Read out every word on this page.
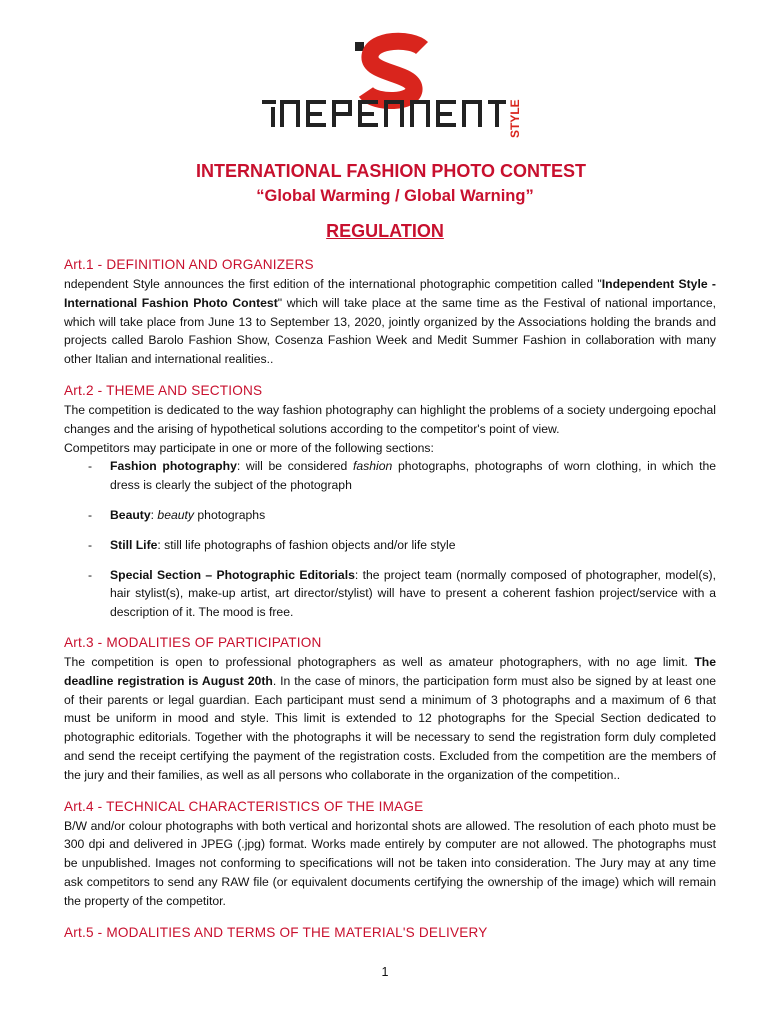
STYLE
INTERNATIONAL FASHION PHOTO CONTEST
“Global Warming / Global Warning”
REGULATION
Art.1 - DEFINITION AND ORGANIZERS

ndependent Style announces the first edition of the international photographic competition called "Independent Style - International Fashion Photo Contest" which will take place at the same time as the Festival of national importance, which will take place from June 13 to September 13, 2020, jointly organized by the Associations holding the brands and projects called Barolo Fashion Show, Cosenza Fashion Week and Medit Summer Fashion in collaboration with many other Italian and international realities..

Art.2 - THEME AND SECTIONS

The competition is dedicated to the way fashion photography can highlight the problems of a society undergoing epochal changes and the arising of hypothetical solutions according to the competitor's point of view.

Competitors may participate in one or more of the following sections:

- Fashion photography: will be considered fashion photographs, photographs of worn clothing, in which the dress is clearly the subject of the photograph
- Beauty: beauty photographs
- Still Life: still life photographs of fashion objects and/or life style
- Special Section – Photographic Editorials: the project team (normally composed of photographer, model(s), hair stylist(s), make-up artist, art director/stylist) will have to present a coherent fashion project/service with a description of it. The mood is free.
Art.3 - MODALITIES OF PARTICIPATION

The competition is open to professional photographers as well as amateur photographers, with no age limit. The deadline registration is August 20th. In the case of minors, the participation form must also be signed by at least one of their parents or legal guardian. Each participant must send a minimum of 3 photographs and a maximum of 6 that must be uniform in mood and style. This limit is extended to 12 photographs for the Special Section dedicated to photographic editorials. Together with the photographs it will be necessary to send the registration form duly completed and send the receipt certifying the payment of the registration costs. Excluded from the competition are the members of the jury and their families, as well as all persons who collaborate in the organization of the competition..

Art.4 - TECHNICAL CHARACTERISTICS OF THE IMAGE

B/W and/or colour photographs with both vertical and horizontal shots are allowed. The resolution of each photo must be 300 dpi and delivered in JPEG (.jpg) format. Works made entirely by computer are not allowed. The photographs must be unpublished. Images not conforming to specifications will not be taken into consideration. The Jury may at any time ask competitors to send any RAW file (or equivalent documents certifying the ownership of the image) which will remain the property of the competitor.

Art.5 - MODALITIES AND TERMS OF THE MATERIAL'S DELIVERY
1
